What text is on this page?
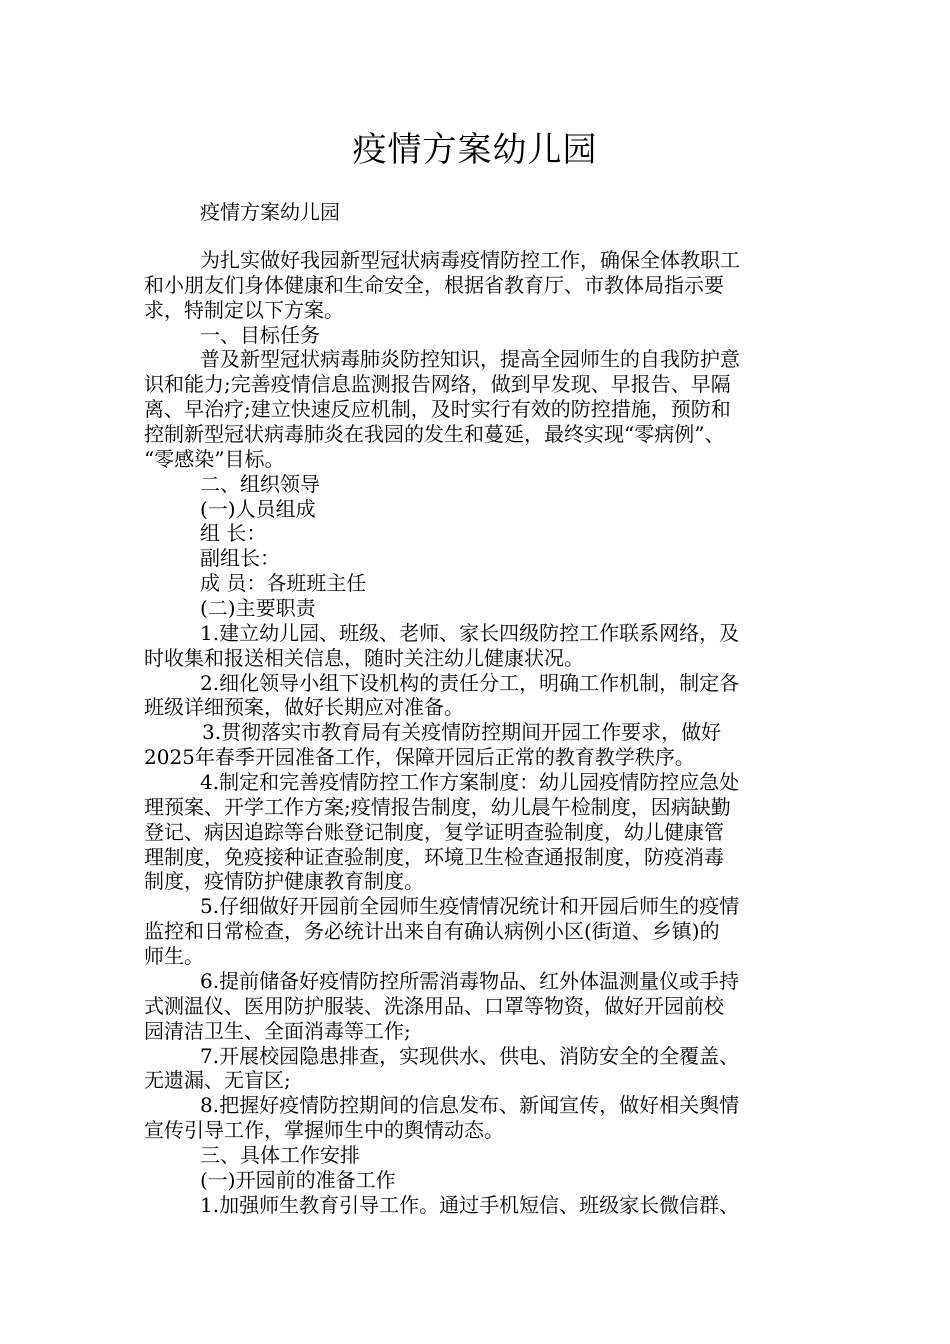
疫情方案幼儿园
疫情方案幼儿园
为扎实做好我园新型冠状病毒疫情防控工作，确保全体教职工
和小朋友们身体健康和生命安全，根据省教育厅、市教体局指示要
求，特制定以下方案。
一、目标任务
普及新型冠状病毒肺炎防控知识，提高全园师生的自我防护意
识和能力;完善疫情信息监测报告网络，做到早发现、早报告、早隔
离、早治疗;建立快速反应机制，及时实行有效的防控措施，预防和
控制新型冠状病毒肺炎在我园的发生和蔓延，最终实现“零病例”、
“零感染”目标。
二、组织领导
(一)人员组成
组 长：
副组长：
成 员：各班班主任
(二)主要职责
1.建立幼儿园、班级、老师、家长四级防控工作联系网络，及
时收集和报送相关信息，随时关注幼儿健康状况。
2.细化领导小组下设机构的责任分工，明确工作机制，制定各
班级详细预案，做好长期应对准备。
3.贯彻落实市教育局有关疫情防控期间开园工作要求，做好
2025年春季开园准备工作，保障开园后正常的教育教学秩序。
4.制定和完善疫情防控工作方案制度：幼儿园疫情防控应急处
理预案、开学工作方案;疫情报告制度，幼儿晨午检制度，因病缺勤
登记、病因追踪等台账登记制度，复学证明查验制度，幼儿健康管
理制度，免疫接种证查验制度，环境卫生检查通报制度，防疫消毒
制度，疫情防护健康教育制度。
5.仔细做好开园前全园师生疫情情况统计和开园后师生的疫情
监控和日常检查，务必统计出来自有确认病例小区(街道、乡镇)的
师生。
6.提前储备好疫情防控所需消毒物品、红外体温测量仪或手持
式测温仪、医用防护服装、洗涤用品、口罩等物资，做好开园前校
园清洁卫生、全面消毒等工作;
7.开展校园隐患排查，实现供水、供电、消防安全的全覆盖、
无遗漏、无盲区;
8.把握好疫情防控期间的信息发布、新闻宣传，做好相关舆情
宣传引导工作，掌握师生中的舆情动态。
三、具体工作安排
(一)开园前的准备工作
1.加强师生教育引导工作。通过手机短信、班级家长微信群、
